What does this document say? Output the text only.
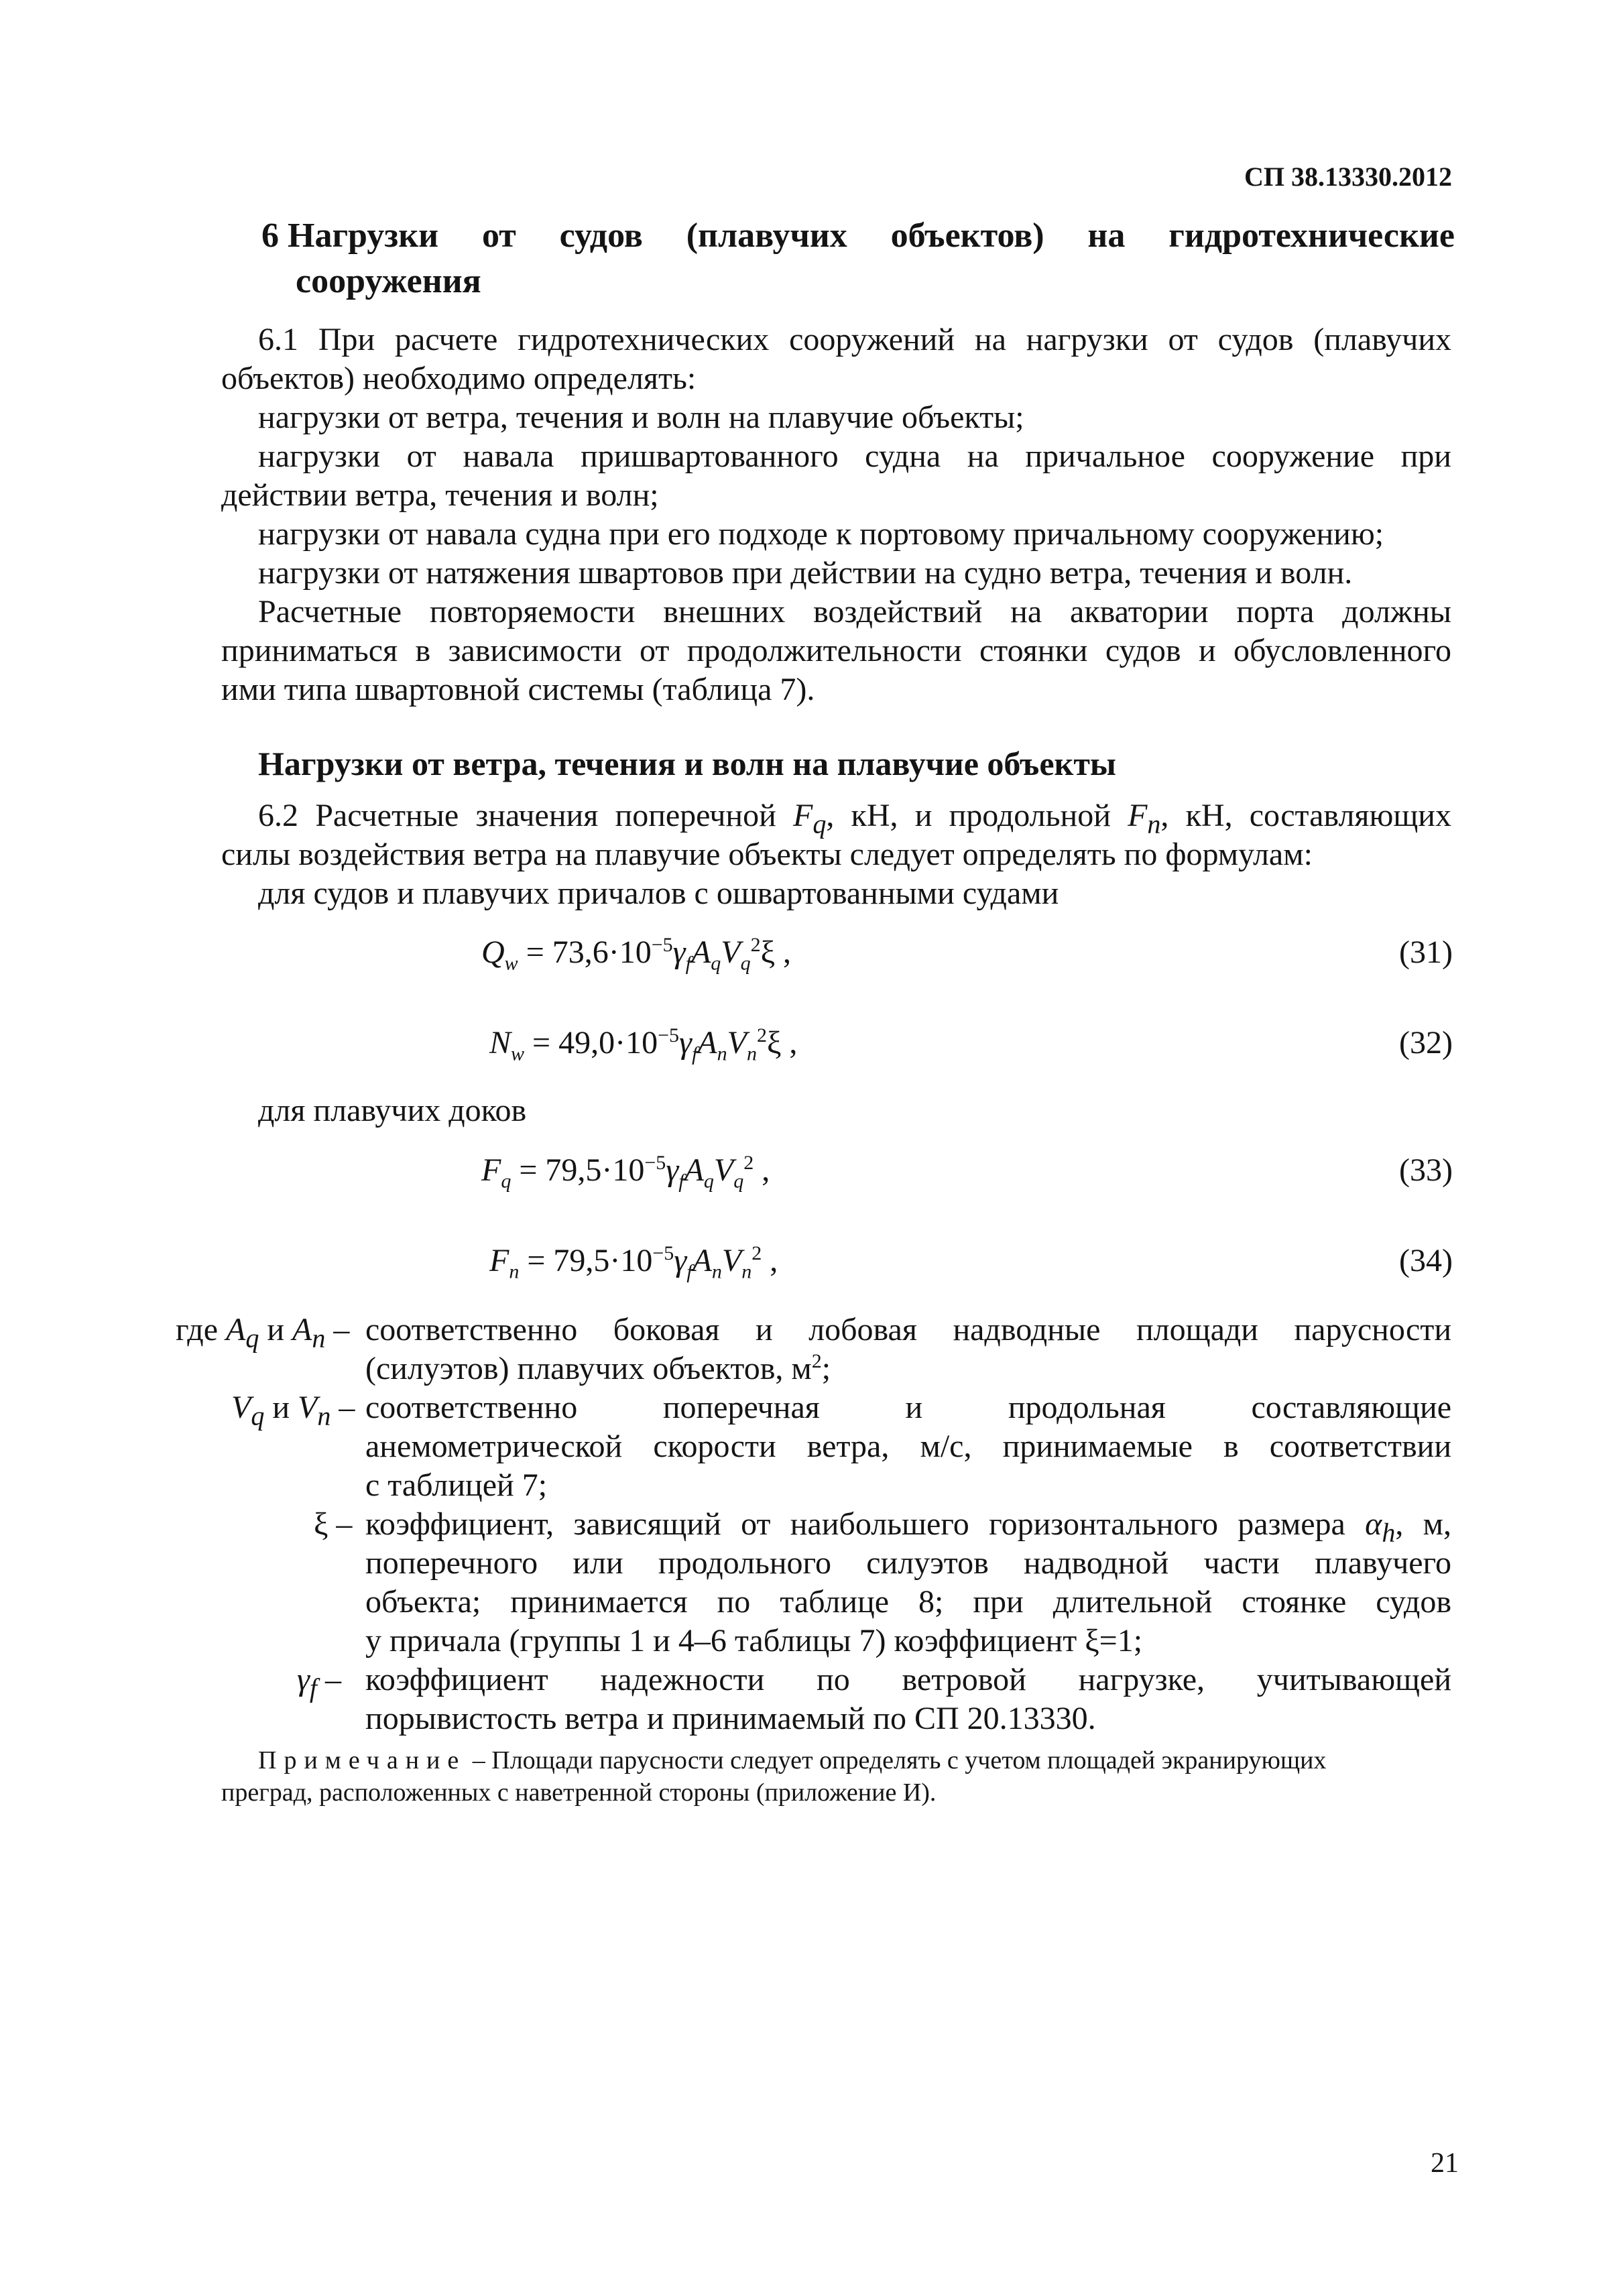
СП 38.13330.2012
6 Нагрузки от судов (плавучих объектов) на гидротехнические
сооружения
6.1 При расчете гидротехнических сооружений на нагрузки от судов (плавучих
объектов) необходимо определять:
нагрузки от ветра, течения и волн на плавучие объекты;
нагрузки от навала пришвартованного судна на причальное сооружение при
действии ветра, течения и волн;
нагрузки от навала судна при его подходе к портовому причальному сооружению;
нагрузки от натяжения швартовов при действии на судно ветра, течения и волн.
Расчетные повторяемости внешних воздействий на акватории порта должны
приниматься в зависимости от продолжительности стоянки судов и обусловленного
ими типа швартовной системы (таблица 7).
Нагрузки от ветра, течения и волн на плавучие объекты
6.2 Расчетные значения поперечной $F_q$, кН, и продольной $F_n$, кН, составляющих
силы воздействия ветра на плавучие объекты следует определять по формулам:
для судов и плавучих причалов с ошвартованными судами
$Q_w = 73,6\cdot 10^{-5}\gamma_fA_qV_q^2\xi$ ,	(31)
$N_w = 49,0\cdot 10^{-5}\gamma_fA_nV_n^2\xi$ ,	(32)
для плавучих доков
$F_q = 79,5\cdot 10^{-5}\gamma_fA_qV_q^2$ ,	(33)
$F_n = 79,5\cdot 10^{-5}\gamma_fA_nV_n^2$ ,	(34)
где $A_q$ и $A_n$ – соответственно боковая и лобовая надводные площади парусности
(силуэтов) плавучих объектов, $м^2$;
$V_q$ и $V_n$ – соответственно поперечная и продольная составляющие
анемометрической скорости ветра, м/с, принимаемые в соответствии
с таблицей 7;
ξ – коэффициент, зависящий от наибольшего горизонтального размера $\alpha_h$, м,
поперечного или продольного силуэтов надводной части плавучего
объекта; принимается по таблице 8; при длительной стоянке судов
у причала (группы 1 и 4–6 таблицы 7) коэффициент ξ=1;
$\gamma_f$ – коэффициент надежности по ветровой нагрузке, учитывающей
порывистость ветра и принимаемый по СП 20.13330.
Примечание – Площади парусности следует определять с учетом площадей экранирующих
преград, расположенных с наветренной стороны (приложение И).
21
